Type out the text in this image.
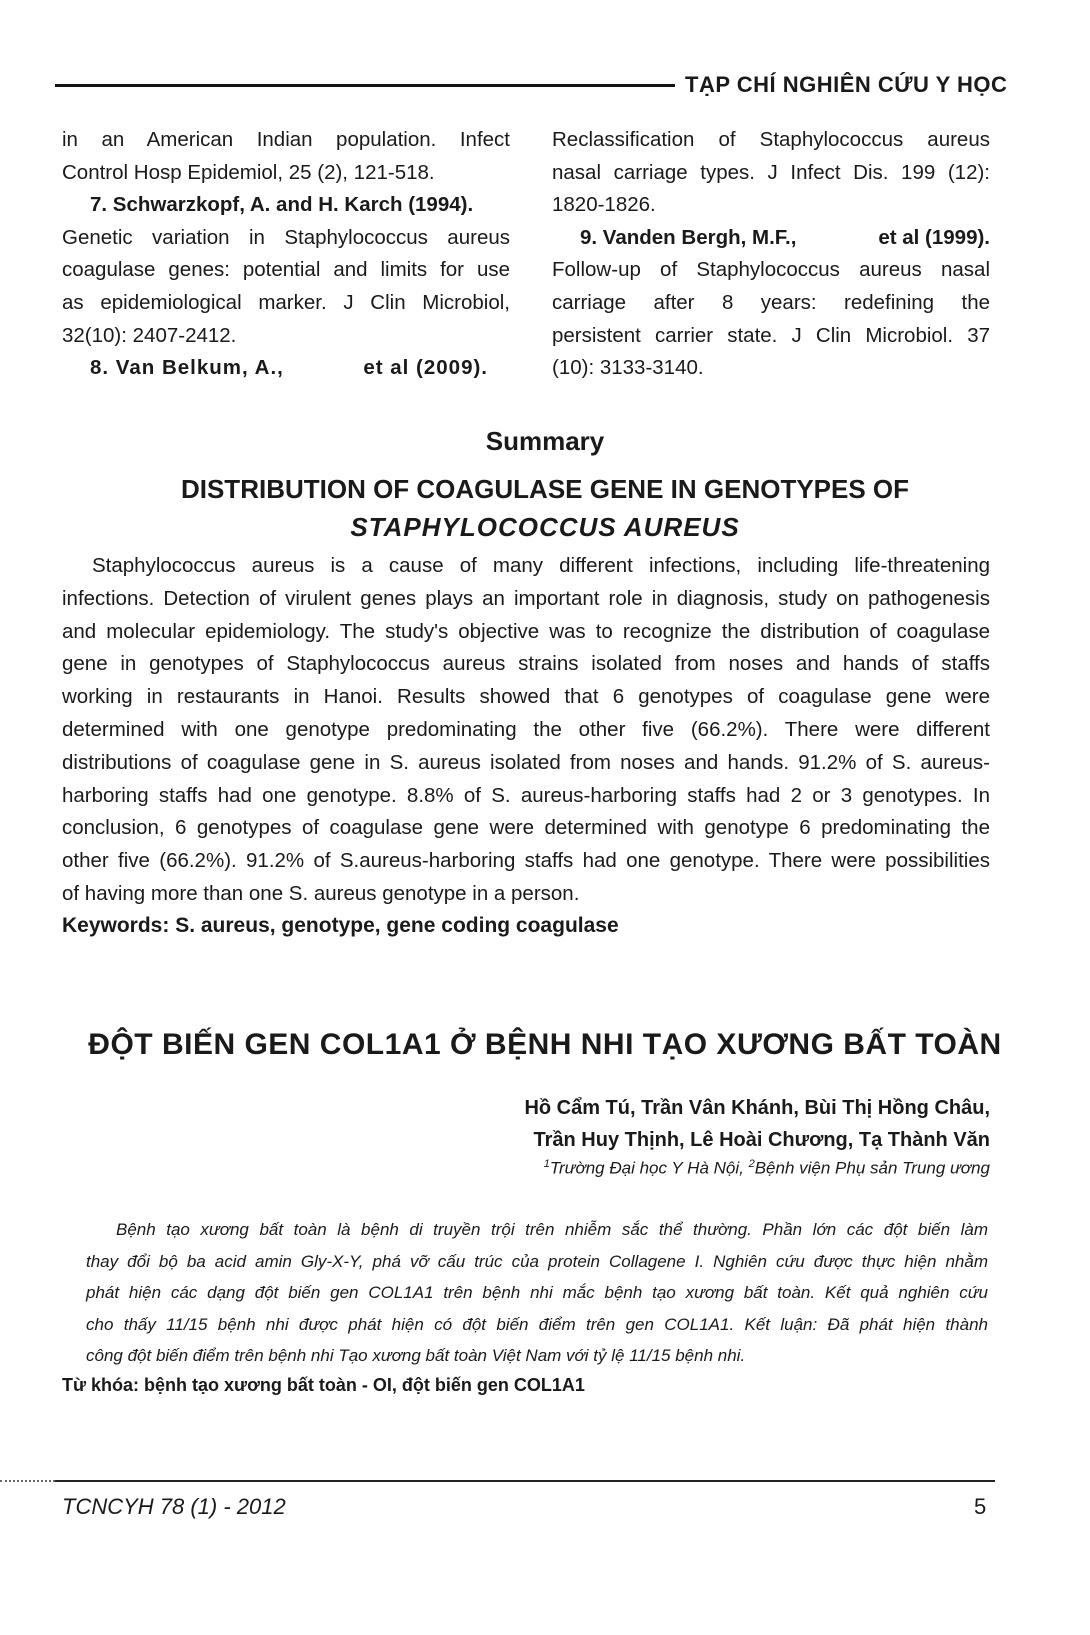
TẠP CHÍ NGHIÊN CỨU Y HỌC

in an American Indian population. Infect

Control Hosp Epidemiol, 25 (2), 121-518.

7. Schwarzkopf, A. and H. Karch (1994).

Genetic variation in Staphylococcus aureus

coagulase genes: potential and limits for use

as epidemiological marker. J Clin Microbiol,

32(10): 2407-2412.

8. Van Belkum, A.,	et al (2009).

Reclassification of Staphylococcus aureus

nasal carriage types. J Infect Dis. 199 (12):

1820-1826.

9. Vanden Bergh, M.F.,	et al (1999).

Follow-up of Staphylococcus aureus nasal

carriage after 8 years: redefining the

persistent carrier state. J Clin Microbiol. 37

(10): 3133-3140.

Summary
DISTRIBUTION OF COAGULASE GENE IN GENOTYPES OF
STAPHYLOCOCCUS AUREUS

Staphylococcus aureus is a cause of many different infections, including life-threatening

infections. Detection of virulent genes plays an important role in diagnosis, study on pathogenesis

and molecular epidemiology. The study's objective was to recognize the distribution of coagulase

gene in genotypes of Staphylococcus aureus strains isolated from noses and hands of staffs

working in restaurants in Hanoi. Results showed that 6 genotypes of coagulase gene were

determined with one genotype predominating the other five (66.2%). There were different

distributions of coagulase gene in S. aureus isolated from noses and hands. 91.2% of S. aureus-

harboring staffs had one genotype. 8.8% of S. aureus-harboring staffs had 2 or 3 genotypes. In

conclusion, 6 genotypes of coagulase gene were determined with genotype 6 predominating the

other five (66.2%). 91.2% of S.aureus-harboring staffs had one genotype. There were possibilities

of having more than one S. aureus genotype in a person.

Keywords: S. aureus, genotype, gene coding coagulase
ĐỘT BIẾN GEN COL1A1 Ở BỆNH NHI TẠO XƯƠNG BẤT TOÀN
Hồ Cẩm Tú, Trần Vân Khánh, Bùi Thị Hồng Châu,
Trần Huy Thịnh, Lê Hoài Chương, Tạ Thành Văn
$^1$Trường Đại học Y Hà Nội, $^2$Bệnh viện Phụ sản Trung ương

Bệnh tạo xương bất toàn là bệnh di truyền trội trên nhiễm sắc thể thường. Phần lớn các đột biến làm

thay đổi bộ ba acid amin Gly-X-Y, phá vỡ cấu trúc của protein Collagene I. Nghiên cứu được thực hiện nhằm

phát hiện các dạng đột biến gen COL1A1 trên bệnh nhi mắc bệnh tạo xương bất toàn. Kết quả nghiên cứu

cho thấy 11/15 bệnh nhi được phát hiện có đột biến điểm trên gen COL1A1. Kết luận: Đã phát hiện thành

công đột biến điểm trên bệnh nhi Tạo xương bất toàn Việt Nam với tỷ lệ 11/15 bệnh nhi.

Từ khóa: bệnh tạo xương bất toàn - OI, đột biến gen COL1A1
TCNCYH 78 (1) - 2012	5
